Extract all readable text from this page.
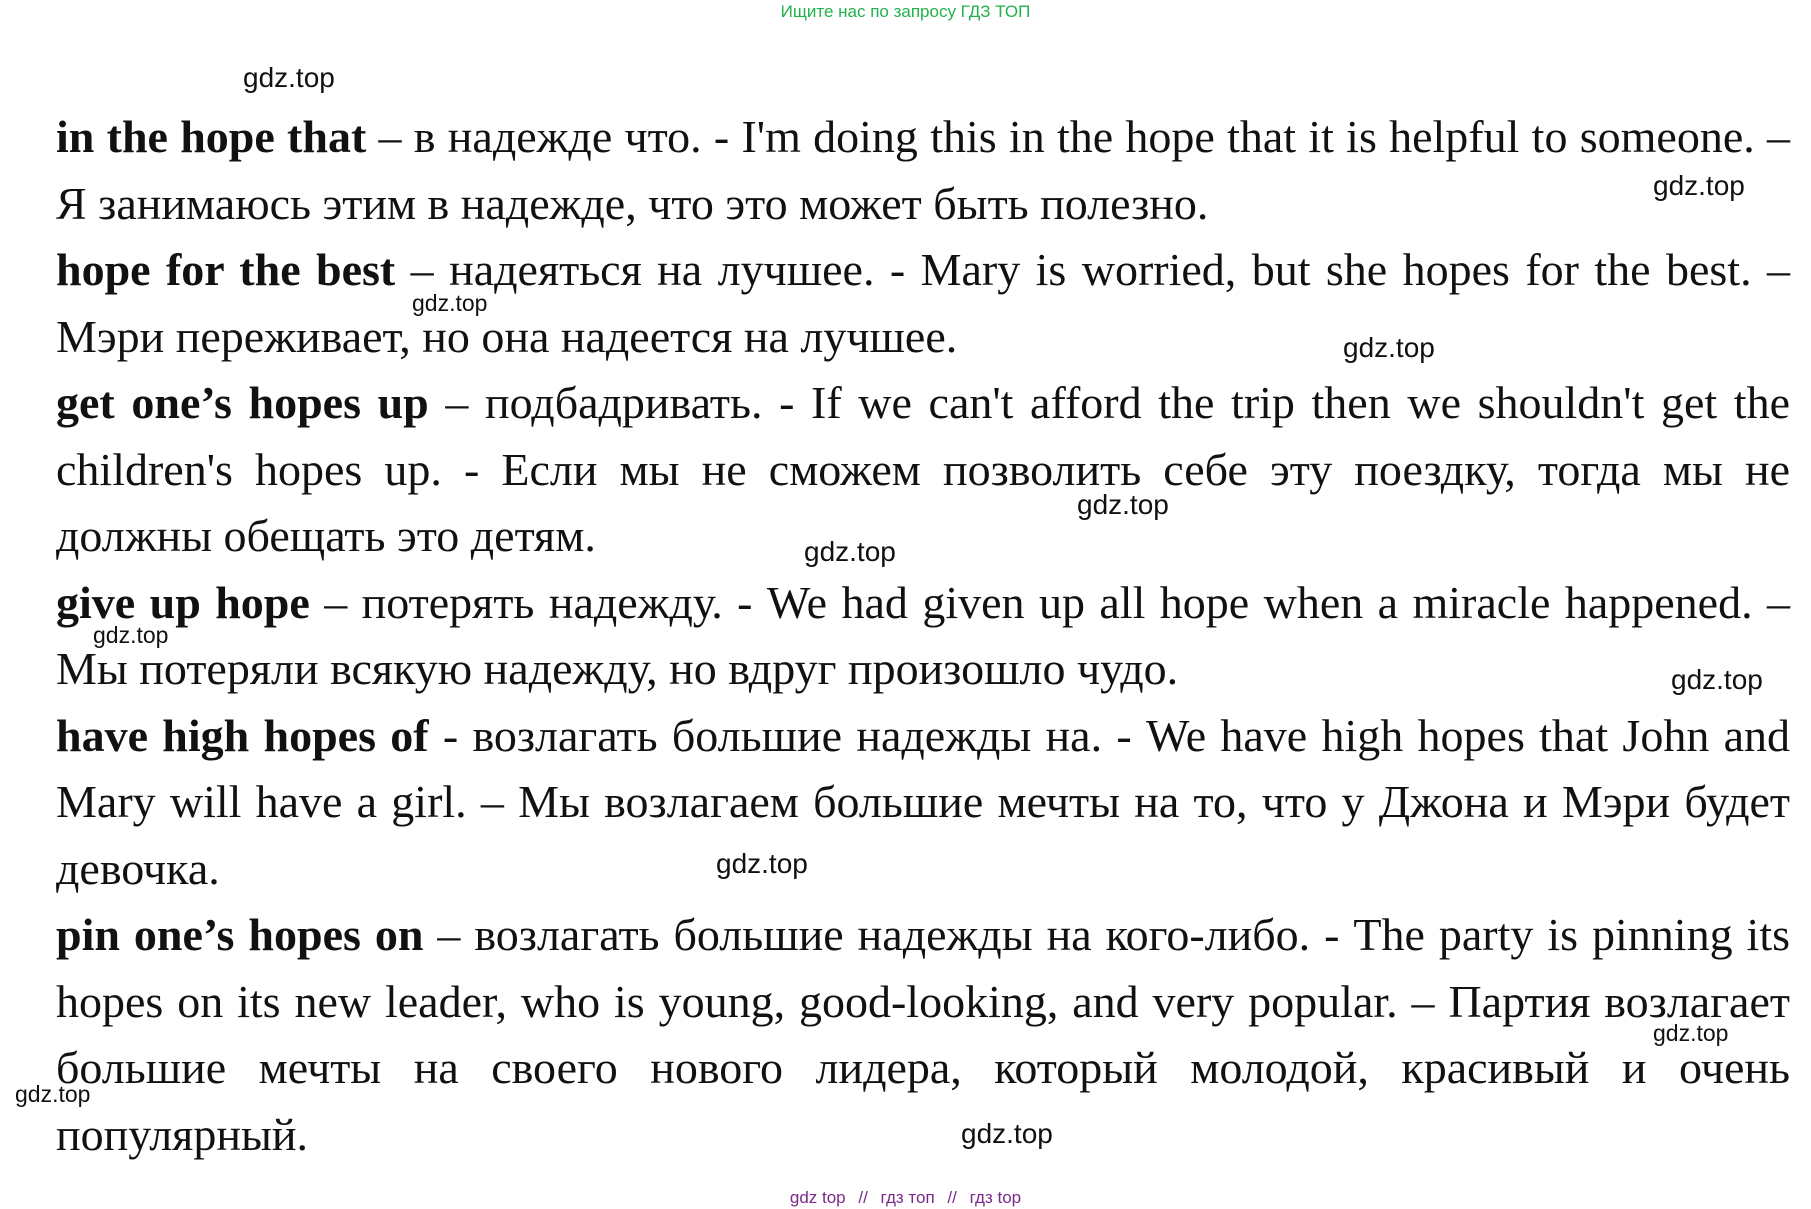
Ищите нас по запросу ГДЗ ТОП

in the hope that – в надежде что. - I'm doing this in the hope that it is helpful to someone. – Я занимаюсь этим в надежде, что это может быть полезно.

hope for the best – надеяться на лучшее. - Mary is worried, but she hopes for the best. – Мэри переживает, но она надеется на лучшее.

get one’s hopes up – подбадривать. - If we can't afford the trip then we shouldn't get the children's hopes up. - Если мы не сможем позволить себе эту поездку, тогда мы не должны обещать это детям.

give up hope – потерять надежду. - We had given up all hope when a miracle happened. – Мы потеряли всякую надежду, но вдруг произошло чудо.

have high hopes of - возлагать большие надежды на. - We have high hopes that John and Mary will have a girl. – Мы возлагаем большие мечты на то, что у Джона и Мэри будет девочка.

pin one’s hopes on – возлагать большие надежды на кого-либо. - The party is pinning its hopes on its new leader, who is young, good-looking, and very popular. – Партия возлагает большие мечты на своего нового лидера, который молодой, красивый и очень популярный.

gdz.top
gdz.top
gdz.top
gdz.top
gdz.top
gdz.top
gdz.top
gdz.top
gdz.top
gdz.top
gdz.top
gdz.top
gdz top // гдз топ // гдз top
gdz.top
